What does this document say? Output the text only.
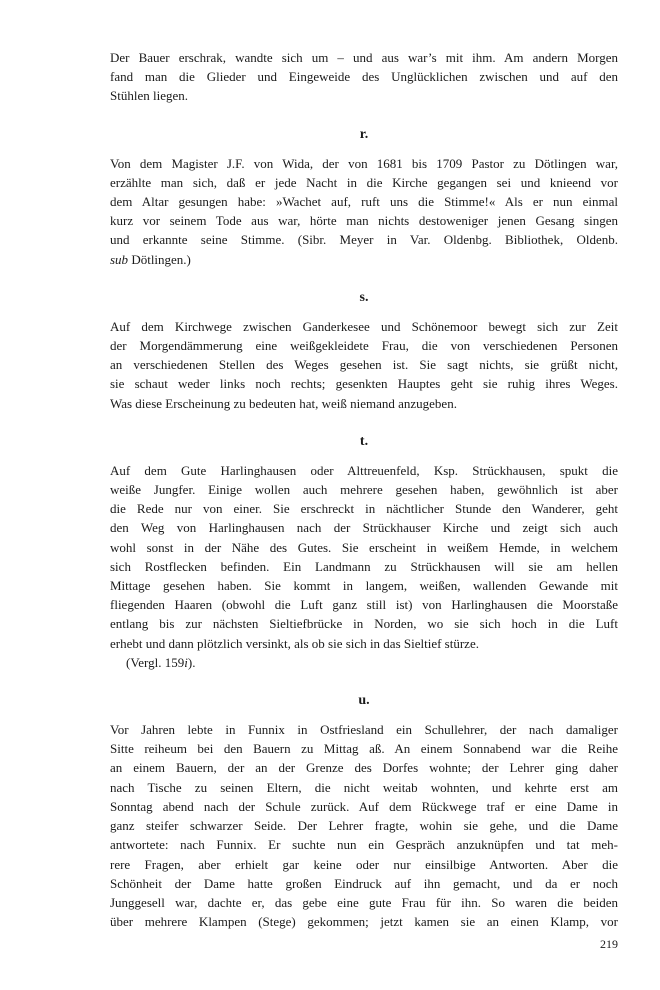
Der Bauer erschrak, wandte sich um – und aus war’s mit ihm. Am andern Morgen
fand man die Glieder und Eingeweide des Unglücklichen zwischen und auf den
Stühlen liegen.
r.
Von dem Magister J.F. von Wida, der von 1681 bis 1709 Pastor zu Dötlingen war,
erzählte man sich, daß er jede Nacht in die Kirche gegangen sei und knieend vor
dem Altar gesungen habe: »Wachet auf, ruft uns die Stimme!« Als er nun einmal
kurz vor seinem Tode aus war, hörte man nichts destoweniger jenen Gesang singen
und erkannte seine Stimme. (Sibr. Meyer in Var. Oldenbg. Bibliothek, Oldenb.
sub Dötlingen.)
s.
Auf dem Kirchwege zwischen Ganderkesee und Schönemoor bewegt sich zur Zeit
der Morgendämmerung eine weißgekleidete Frau, die von verschiedenen Personen
an verschiedenen Stellen des Weges gesehen ist. Sie sagt nichts, sie grüßt nicht,
sie schaut weder links noch rechts; gesenkten Hauptes geht sie ruhig ihres Weges.
Was diese Erscheinung zu bedeuten hat, weiß niemand anzugeben.
t.
Auf dem Gute Harlinghausen oder Alttreuenfeld, Ksp. Strückhausen, spukt die
weiße Jungfer. Einige wollen auch mehrere gesehen haben, gewöhnlich ist aber
die Rede nur von einer. Sie erschreckt in nächtlicher Stunde den Wanderer, geht
den Weg von Harlinghausen nach der Strückhauser Kirche und zeigt sich auch
wohl sonst in der Nähe des Gutes. Sie erscheint in weißem Hemde, in welchem
sich Rostflecken befinden. Ein Landmann zu Strückhausen will sie am hellen
Mittage gesehen haben. Sie kommt in langem, weißen, wallenden Gewande mit
fliegenden Haaren (obwohl die Luft ganz still ist) von Harlinghausen die Moorstaße
entlang bis zur nächsten Sieltiefbrücke in Norden, wo sie sich hoch in die Luft
erhebt und dann plötzlich versinkt, als ob sie sich in das Sieltief stürze.
(Vergl. 159i).
u.
Vor Jahren lebte in Funnix in Ostfriesland ein Schullehrer, der nach damaliger
Sitte reiheum bei den Bauern zu Mittag aß. An einem Sonnabend war die Reihe
an einem Bauern, der an der Grenze des Dorfes wohnte; der Lehrer ging daher
nach Tische zu seinen Eltern, die nicht weitab wohnten, und kehrte erst am
Sonntag abend nach der Schule zurück. Auf dem Rückwege traf er eine Dame in
ganz steifer schwarzer Seide. Der Lehrer fragte, wohin sie gehe, und die Dame
antwortete: nach Funnix. Er suchte nun ein Gespräch anzuknüpfen und tat meh-
rere Fragen, aber erhielt gar keine oder nur einsilbige Antworten. Aber die
Schönheit der Dame hatte großen Eindruck auf ihn gemacht, und da er noch
Junggesell war, dachte er, das gebe eine gute Frau für ihn. So waren die beiden
über mehrere Klampen (Stege) gekommen; jetzt kamen sie an einen Klamp, vor
219
